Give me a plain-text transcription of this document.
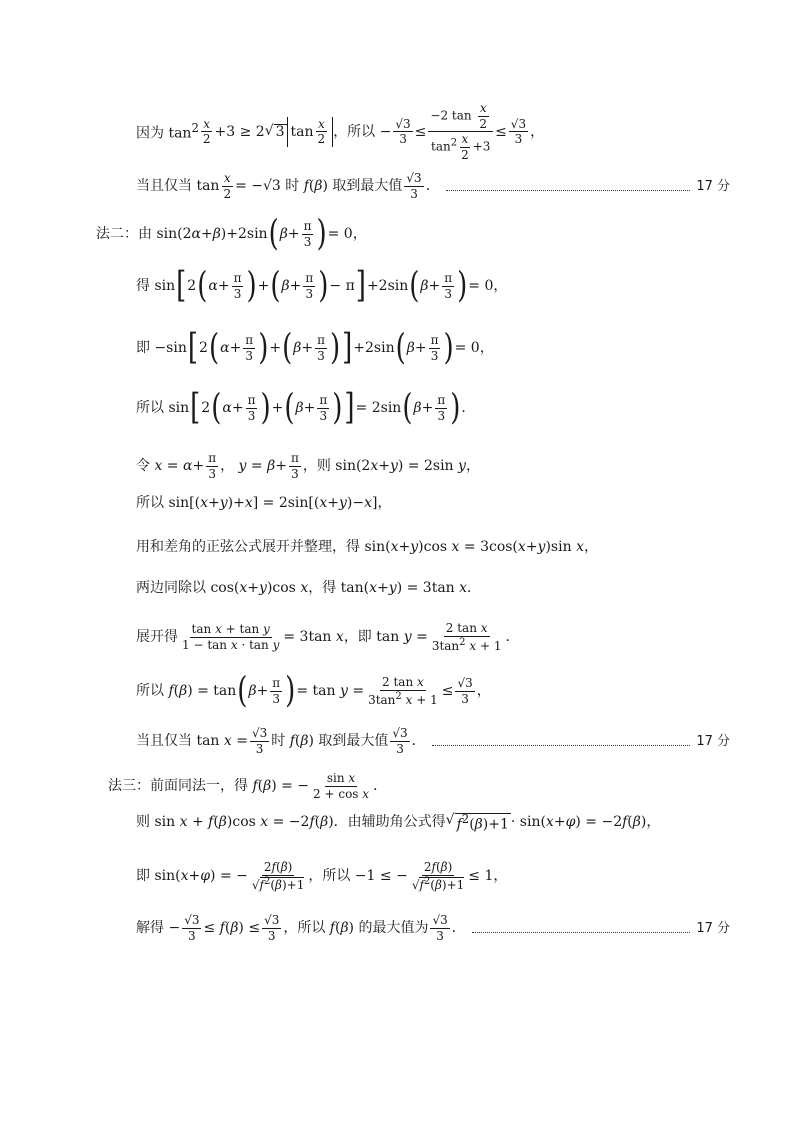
因为 $\tan^2 \frac{x}{2} +3 \ge 2$ √ 3 $\tan \frac{x}{2}$ ，所以 − $\frac{√3}{3} \le \frac{-2 \tan \frac{x}{2}}{\tan^2 \frac{x}{2} +3} \le \frac{√3}{3}$ ，
当且仅当 $\tan \frac{x}{2} = -√3$ 时 f(β) 取到最大值 $\frac{√3}{3}$ ．	17 分
法二：由 sin(2α+β)+2sin ( $\beta + \frac{\pi}{3}$ ) = 0，
得 sin [ 2 ( $\alpha + \frac{\pi}{3}$ ) + ( $\beta + \frac{\pi}{3}$ ) − π ] +2sin ( $\beta + \frac{\pi}{3}$ ) = 0，
即 −sin [ 2 ( $\alpha + \frac{\pi}{3}$ ) + ( $\beta + \frac{\pi}{3}$ ) ] +2sin ( $\beta + \frac{\pi}{3}$ ) = 0，
所以 sin [ 2 ( $\alpha + \frac{\pi}{3}$ ) + ( $\beta + \frac{\pi}{3}$ ) ] = 2sin ( $\beta + \frac{\pi}{3}$ ) ．
令 $x = \alpha+ \frac{\pi}{3}$ ， $y = \beta+ \frac{\pi}{3}$ ，则 sin(2x+y) = 2sin y，
所以 sin[(x+y)+x] = 2sin[(x+y)−x]，
用和差角的正弦公式展开并整理，得 sin(x+y)cos x = 3cos(x+y)sin x，
两边同除以 cos(x+y)cos x，得 tan(x+y) = 3tan x．
展开得 $\frac{\text{tan x + tan y}}{\text{1 − tan x · tan y}} = 3\tan$ x，即 $\tan y = \frac{\text{2 tan x}}{3\tan^2 x + 1}$ ．
所以 f(β) = tan ( $\beta + \frac{\pi}{3}$ ) = $\tan y = \frac{\text{2 tan x}}{3\tan^2 x + 1} \le \frac{√3}{3}$ ，
当且仅当 $\tan x = \frac{√3}{3}$ 时 f(β) 取到最大值 $\frac{√3}{3}$ ．	17 分
法三：前面同法一，得 f(β) = − $\frac{\text{sin x}}{\text{2 + cos x}}$ ．
则 sin x + f(β)cos x = −2f(β)．由辅助角公式得 √ $f^2(\beta)+1 \cdot \sin(x+\varphi) = -2f(\beta)$，
即 sin(x+φ) = − $\frac{2f(\beta)}{√f^2(\beta)+1}$ ，所以 −1 ≤ − $\frac{2f(\beta)}{√f^2(\beta)+1} \le 1$，
解得 − $\frac{√3}{3} \le f(\beta) \le \frac{√3}{3}$ ，所以 f(β) 的最大值为 $\frac{√3}{3}$ ．	17 分
